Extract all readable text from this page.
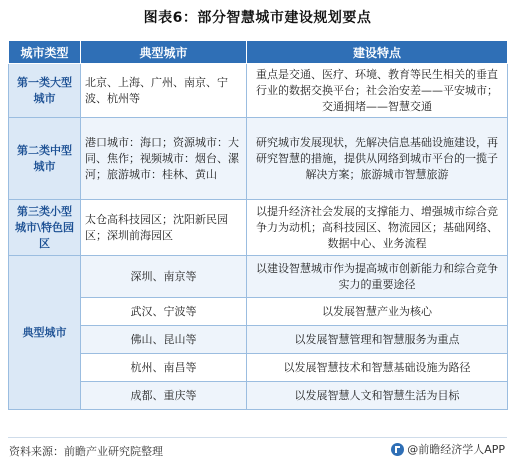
图表6：部分智慧城市建设规划要点
城市类型	典型城市	建设特点
第一类大型城市	北京、上海、广州、南京、宁波、杭州等	重点是交通、医疗、环境、教育等民生相关的垂直行业的数据交换平台；社会治安差——平安城市；交通拥堵——智慧交通
第二类中型城市	港口城市：海口；资源城市：大同、焦作；视频城市：烟台、漯河；旅游城市：桂林、黄山	研究城市发展现状，先解决信息基础设施建设，再研究智慧的措施，提供从网络到城市平台的一揽子解决方案；旅游城市智慧旅游
第三类小型城市\特色园区	太仓高科技园区；沈阳新民园区；深圳前海园区	以提升经济社会发展的支撑能力、增强城市综合竞争力为动机；高科技园区、物流园区；基础网络、数据中心、业务流程
典型城市	深圳、南京等	以建设智慧城市作为提高城市创新能力和综合竞争实力的重要途径
	武汉、宁波等	以发展智慧产业为核心
	佛山、昆山等	以发展智慧管理和智慧服务为重点
	杭州、南昌等	以发展智慧技术和智慧基础设施为路径
	成都、重庆等	以发展智慧人文和智慧生活为目标
资料来源：前瞻产业研究院整理	@前瞻经济学人APP
